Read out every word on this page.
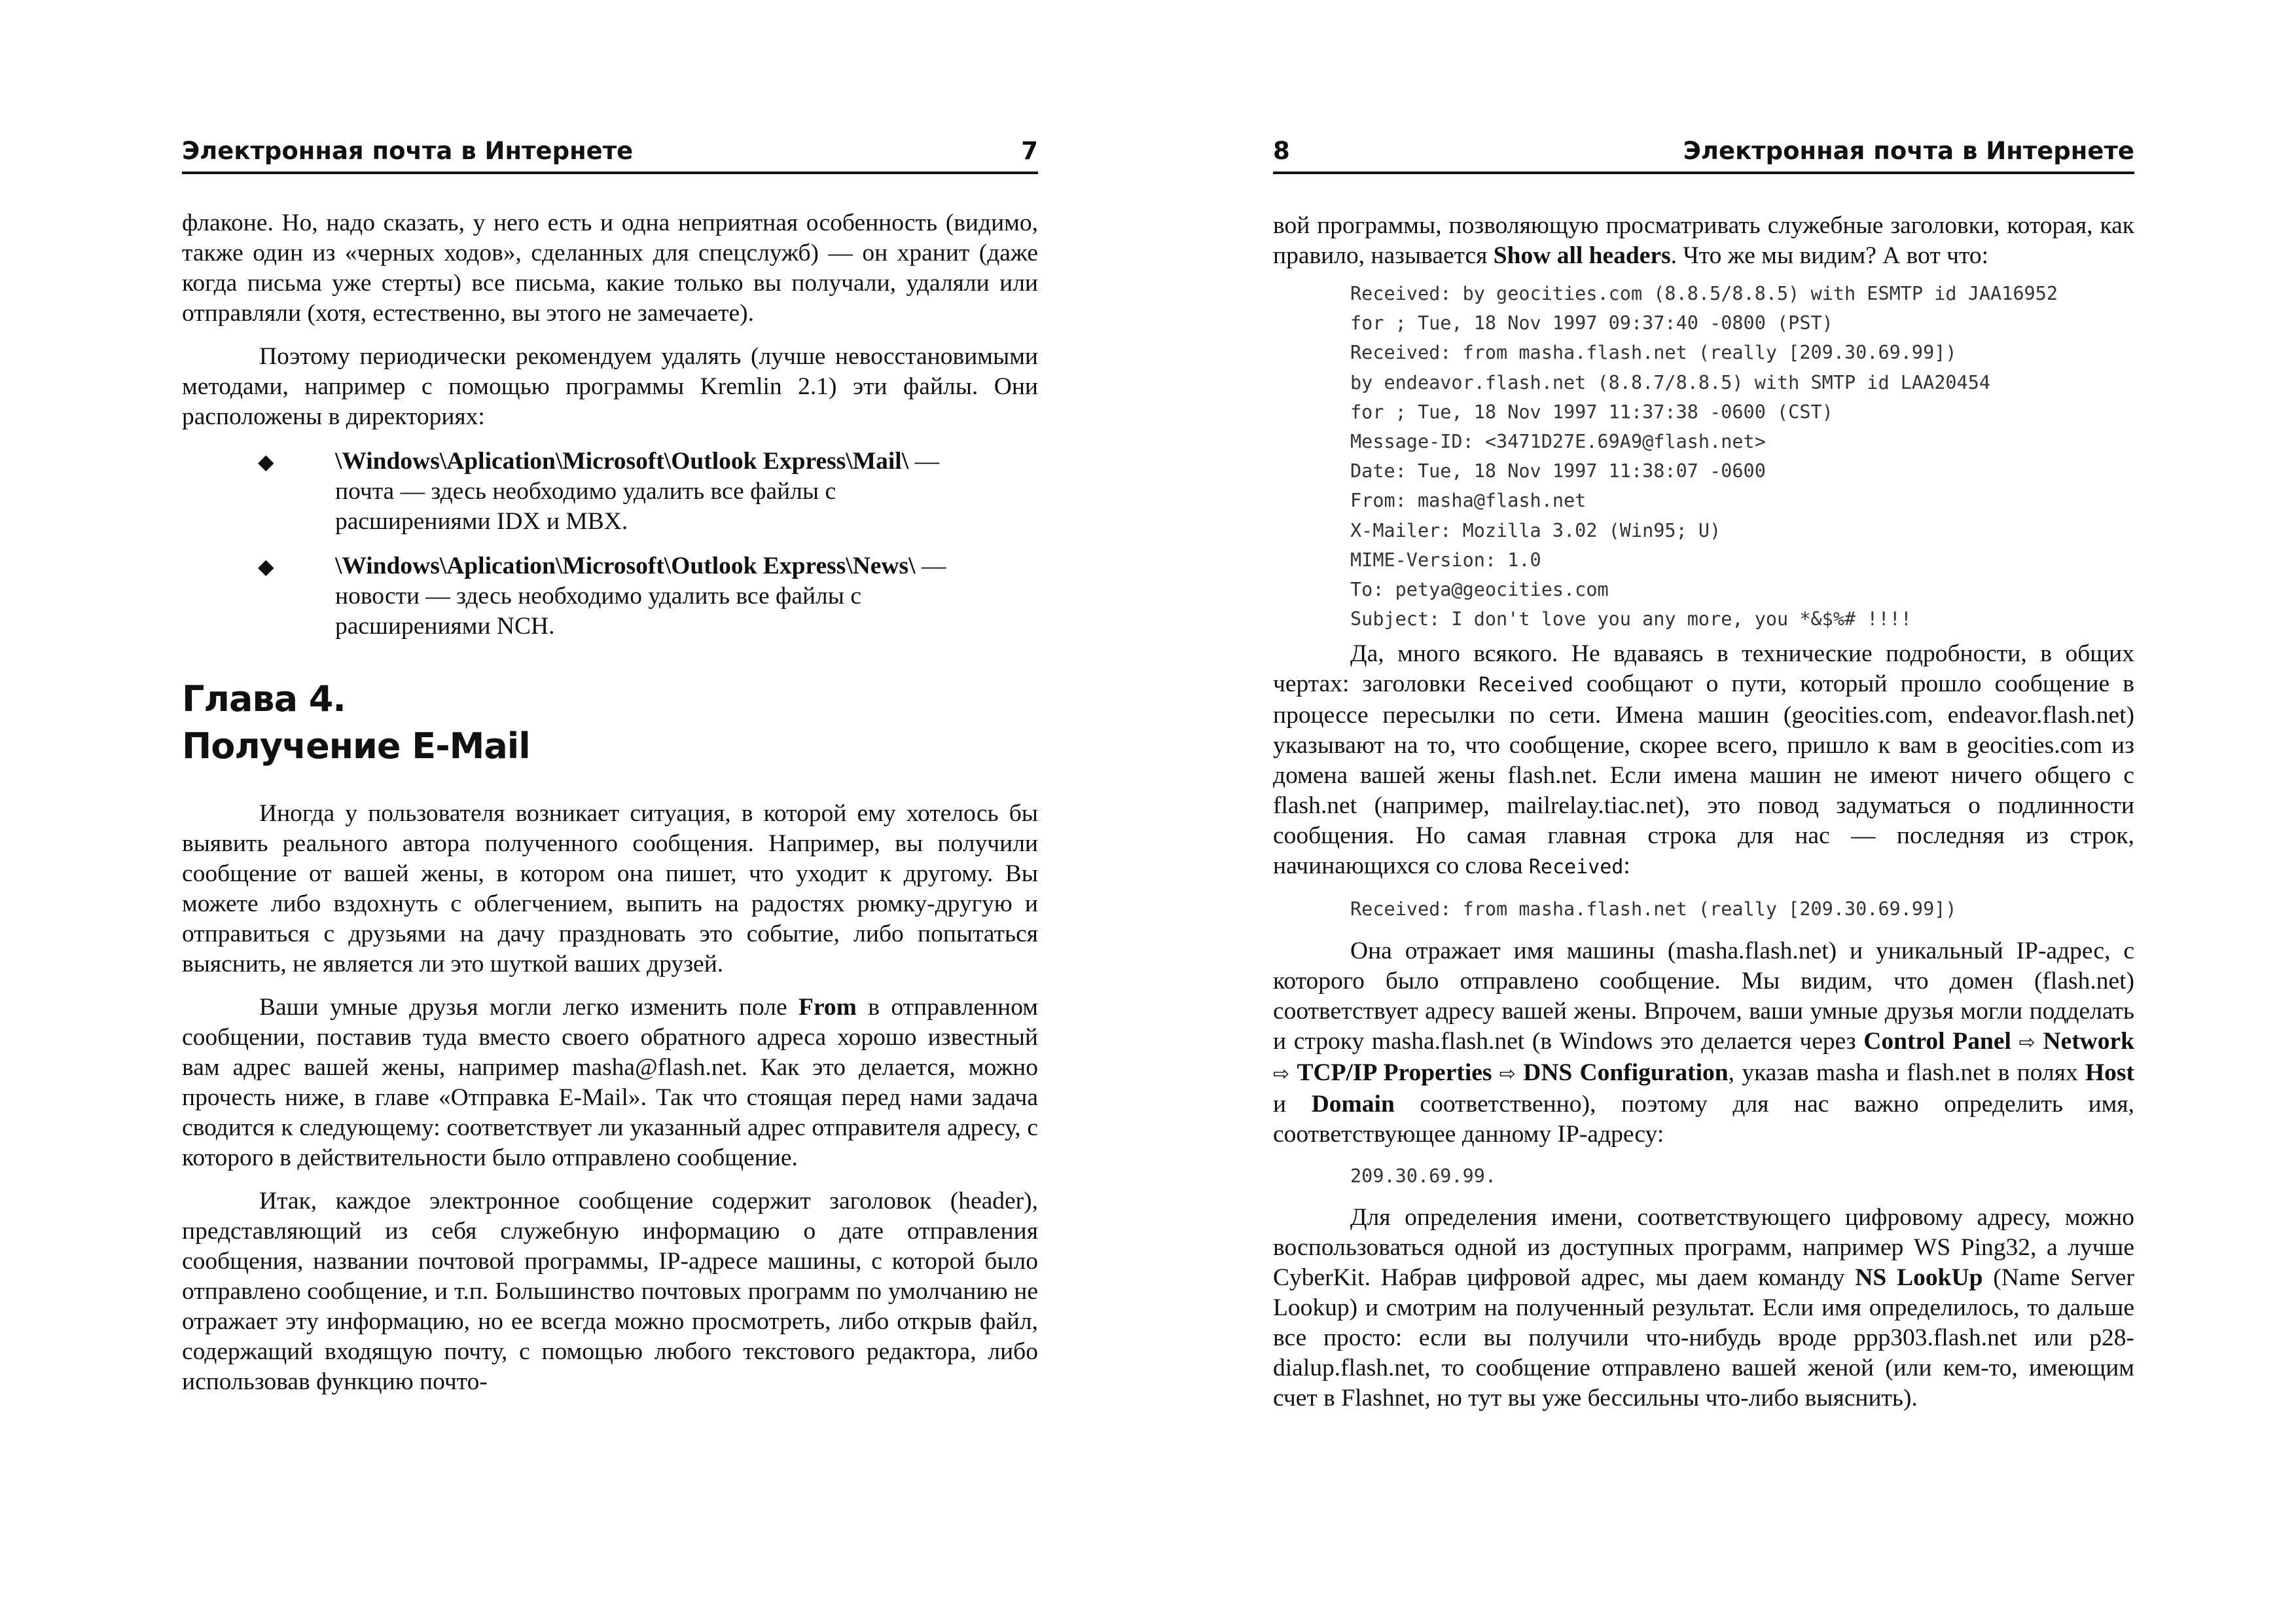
Электронная почта в Интернете	7

флаконе. Но, надо сказать, у него есть и одна неприятная особенность (видимо, также один из «черных ходов», сделанных для спецслужб) — он хранит (даже когда письма уже стерты) все письма, какие только вы получали, удаляли или отправляли (хотя, естественно, вы этого не замечаете).

Поэтому периодически рекомендуем удалять (лучше невосстановимыми методами, например с помощью программы Kremlin 2.1) эти файлы. Они расположены в директориях:

◆ \Windows\Aplication\Microsoft\Outlook Express\Mail\ — почта — здесь необходимо удалить все файлы с расширениями IDX и MBX.
◆ \Windows\Aplication\Microsoft\Outlook Express\News\ — новости — здесь необходимо удалить все файлы с расширениями NCH.
Глава 4.
Получение E-Mail

Иногда у пользователя возникает ситуация, в которой ему хотелось бы выявить реального автора полученного сообщения. Например, вы получили сообщение от вашей жены, в котором она пишет, что уходит к другому. Вы можете либо вздохнуть с облегчением, выпить на радостях рюмку-другую и отправиться с друзьями на дачу праздновать это событие, либо попытаться выяснить, не является ли это шуткой ваших друзей.

Ваши умные друзья могли легко изменить поле From в отправленном сообщении, поставив туда вместо своего обратного адреса хорошо известный вам адрес вашей жены, например masha@flash.net. Как это делается, можно прочесть ниже, в главе «Отправка E-Mail». Так что стоящая перед нами задача сводится к следующему: соответствует ли указанный адрес отправителя адресу, с которого в действительности было отправлено сообщение.

Итак, каждое электронное сообщение содержит заголовок (header), представляющий из себя служебную информацию о дате отправления сообщения, названии почтовой программы, IP-адресе машины, с которой было отправлено сообщение, и т.п. Большинство почтовых программ по умолчанию не отражает эту информацию, но ее всегда можно просмотреть, либо открыв файл, содержащий входящую почту, с помощью любого текстового редактора, либо использовав функцию почто-

8	Электронная почта в Интернете

вой программы, позволяющую просматривать служебные заголовки, которая, как правило, называется Show all headers. Что же мы видим? А вот что:

Received: by geocities.com (8.8.5/8.8.5) with ESMTP id JAA16952
for ; Tue, 18 Nov 1997 09:37:40 -0800 (PST)
Received: from masha.flash.net (really [209.30.69.99])
by endeavor.flash.net (8.8.7/8.8.5) with SMTP id LAA20454
for ; Tue, 18 Nov 1997 11:37:38 -0600 (CST)
Message-ID: <3471D27E.69A9@flash.net>
Date: Tue, 18 Nov 1997 11:38:07 -0600
From: masha@flash.net
X-Mailer: Mozilla 3.02 (Win95; U)
MIME-Version: 1.0
To: petya@geocities.com
Subject: I don't love you any more, you *&$%# !!!!

Да, много всякого. Не вдаваясь в технические подробности, в общих чертах: заголовки Received сообщают о пути, который прошло сообщение в процессе пересылки по сети. Имена машин (geocities.com, endeavor.flash.net) указывают на то, что сообщение, скорее всего, пришло к вам в geocities.com из домена вашей жены flash.net. Если имена машин не имеют ничего общего с flash.net (например, mailrelay.tiac.net), это повод задуматься о подлинности сообщения. Но самая главная строка для нас — последняя из строк, начинающихся со слова Received:

Received: from masha.flash.net (really [209.30.69.99])

Она отражает имя машины (masha.flash.net) и уникальный IP-адрес, с которого было отправлено сообщение. Мы видим, что домен (flash.net) соответствует адресу вашей жены. Впрочем, ваши умные друзья могли подделать и строку masha.flash.net (в Windows это делается через Control Panel ⇨ Network ⇨ TCP/IP Properties ⇨ DNS Configuration, указав masha и flash.net в полях Host и Domain соответственно), поэтому для нас важно определить имя, соответствующее данному IP-адресу:

209.30.69.99.

Для определения имени, соответствующего цифровому адресу, можно воспользоваться одной из доступных программ, например WS Ping32, а лучше CyberKit. Набрав цифровой адрес, мы даем команду NS LookUp (Name Server Lookup) и смотрим на полученный результат. Если имя определилось, то дальше все просто: если вы получили что-нибудь вроде ppp303.flash.net или p28-dialup.flash.net, то сообщение отправлено вашей женой (или кем-то, имеющим счет в Flashnet, но тут вы уже бессильны что-либо выяснить).
